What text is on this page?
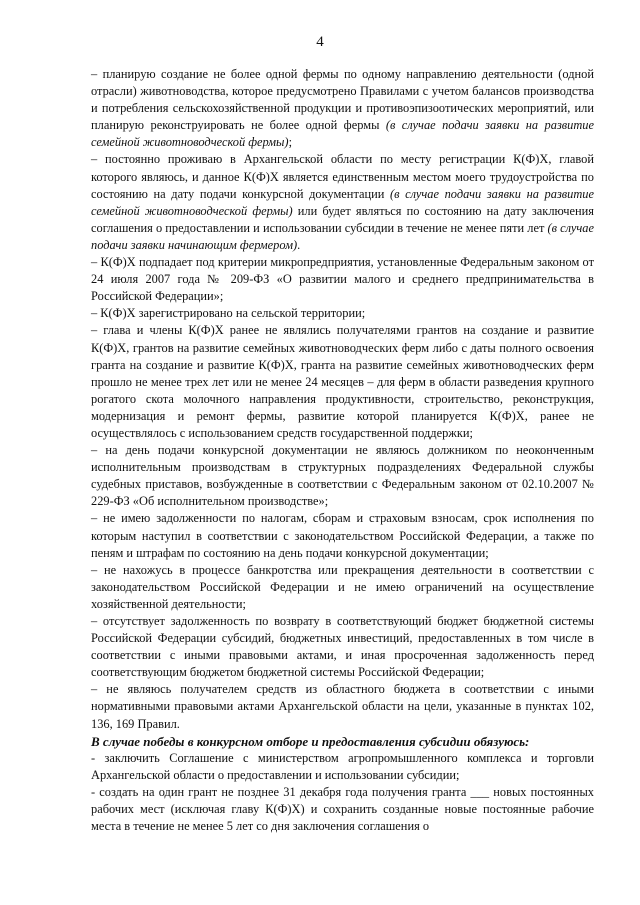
4

– планирую создание не более одной фермы по одному направлению деятельности (одной отрасли) животноводства, которое предусмотрено Правилами с учетом балансов производства и потребления сельскохозяйственной продукции и противоэпизоотических мероприятий, или планирую реконструировать не более одной фермы (в случае подачи заявки на развитие семейной животноводческой фермы);

– постоянно проживаю в Архангельской области по месту регистрации К(Ф)Х, главой которого являюсь, и данное К(Ф)Х является единственным местом моего трудоустройства по состоянию на дату подачи конкурсной документации (в случае подачи заявки на развитие семейной животноводческой фермы) или будет являться по состоянию на дату заключения соглашения о предоставлении и использовании субсидии в течение не менее пяти лет (в случае подачи заявки начинающим фермером).

– К(Ф)Х подпадает под критерии микропредприятия, установленные Федеральным законом от 24 июля 2007 года № 209-ФЗ «О развитии малого и среднего предпринимательства в Российской Федерации»;

– К(Ф)Х зарегистрировано на сельской территории;

– глава и члены К(Ф)Х ранее не являлись получателями грантов на создание и развитие К(Ф)Х, грантов на развитие семейных животноводческих ферм либо с даты полного освоения гранта на создание и развитие К(Ф)Х, гранта на развитие семейных животноводческих ферм прошло не менее трех лет или не менее 24 месяцев – для ферм в области разведения крупного рогатого скота молочного направления продуктивности, строительство, реконструкция, модернизация и ремонт фермы, развитие которой планируется К(Ф)Х, ранее не осуществлялось с использованием средств государственной поддержки;

– на день подачи конкурсной документации не являюсь должником по неоконченным исполнительным производствам в структурных подразделениях Федеральной службы судебных приставов, возбужденные в соответствии с Федеральным законом от 02.10.2007 № 229-ФЗ «Об исполнительном производстве»;

– не имею задолженности по налогам, сборам и страховым взносам, срок исполнения по которым наступил в соответствии с законодательством Российской Федерации, а также по пеням и штрафам по состоянию на день подачи конкурсной документации;

– не нахожусь в процессе банкротства или прекращения деятельности в соответствии с законодательством Российской Федерации и не имею ограничений на осуществление хозяйственной деятельности;

– отсутствует задолженность по возврату в соответствующий бюджет бюджетной системы Российской Федерации субсидий, бюджетных инвестиций, предоставленных в том числе в соответствии с иными правовыми актами, и иная просроченная задолженность перед соответствующим бюджетом бюджетной системы Российской Федерации;

– не являюсь получателем средств из областного бюджета в соответствии с иными нормативными правовыми актами Архангельской области на цели, указанные в пунктах 102, 136, 169 Правил.

В случае победы в конкурсном отборе и предоставления субсидии обязуюсь:

- заключить Соглашение с министерством агропромышленного комплекса и торговли Архангельской области о предоставлении и использовании субсидии;

- создать на один грант не позднее 31 декабря года получения гранта ___ новых постоянных рабочих мест (исключая главу К(Ф)Х) и сохранить созданные новые постоянные рабочие места в течение не менее 5 лет со дня заключения соглашения о
